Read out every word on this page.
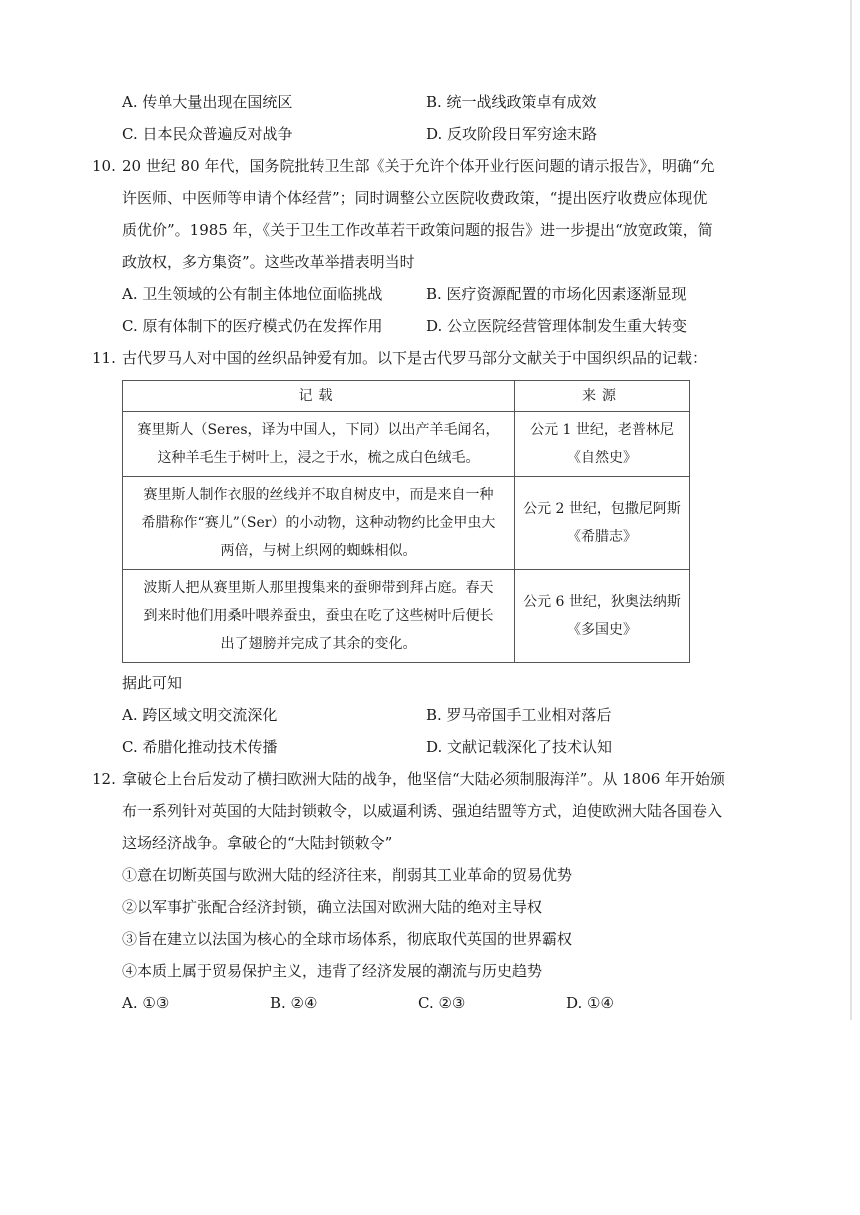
A. 传单大量出现在国统区	B. 统一战线政策卓有成效
C. 日本民众普遍反对战争	D. 反攻阶段日军穷途末路
10. 20 世纪 80 年代，国务院批转卫生部《关于允许个体开业行医问题的请示报告》，明确“允
许医师、中医师等申请个体经营”；同时调整公立医院收费政策，“提出医疗收费应体现优
质优价”。1985 年，《关于卫生工作改革若干政策问题的报告》进一步提出“放宽政策，简
政放权，多方集资”。这些改革举措表明当时
A. 卫生领域的公有制主体地位面临挑战	B. 医疗资源配置的市场化因素逐渐显现
C. 原有体制下的医疗模式仍在发挥作用	D. 公立医院经营管理体制发生重大转变
11. 古代罗马人对中国的丝织品钟爱有加。以下是古代罗马部分文献关于中国织织品的记载：
记载	来源

赛里斯人（Seres，译为中国人，下同）以出产羊毛闻名，
这种羊毛生于树叶上，浸之于水，梳之成白色绒毛。	公元 1 世纪，老普林尼
《自然史》

赛里斯人制作衣服的丝线并不取自树皮中，而是来自一种
希腊称作“赛儿”（Ser）的小动物，这种动物约比金甲虫大
两倍，与树上织网的蜘蛛相似。	公元 2 世纪，包撒尼阿斯
《希腊志》

波斯人把从赛里斯人那里搜集来的蚕卵带到拜占庭。春天
到来时他们用桑叶喂养蚕虫，蚕虫在吃了这些树叶后便长
出了翅膀并完成了其余的变化。	公元 6 世纪，狄奥法纳斯
《多国史》
据此可知
A. 跨区域文明交流深化	B. 罗马帝国手工业相对落后
C. 希腊化推动技术传播	D. 文献记载深化了技术认知
12. 拿破仑上台后发动了横扫欧洲大陆的战争，他坚信“大陆必须制服海洋”。从 1806 年开始颁
布一系列针对英国的大陆封锁敕令，以威逼利诱、强迫结盟等方式，迫使欧洲大陆各国卷入
这场经济战争。拿破仑的“大陆封锁敕令”
①意在切断英国与欧洲大陆的经济往来，削弱其工业革命的贸易优势
②以军事扩张配合经济封锁，确立法国对欧洲大陆的绝对主导权
③旨在建立以法国为核心的全球市场体系，彻底取代英国的世界霸权
④本质上属于贸易保护主义，违背了经济发展的潮流与历史趋势
A. ①③	B. ②④	C. ②③	D. ①④
